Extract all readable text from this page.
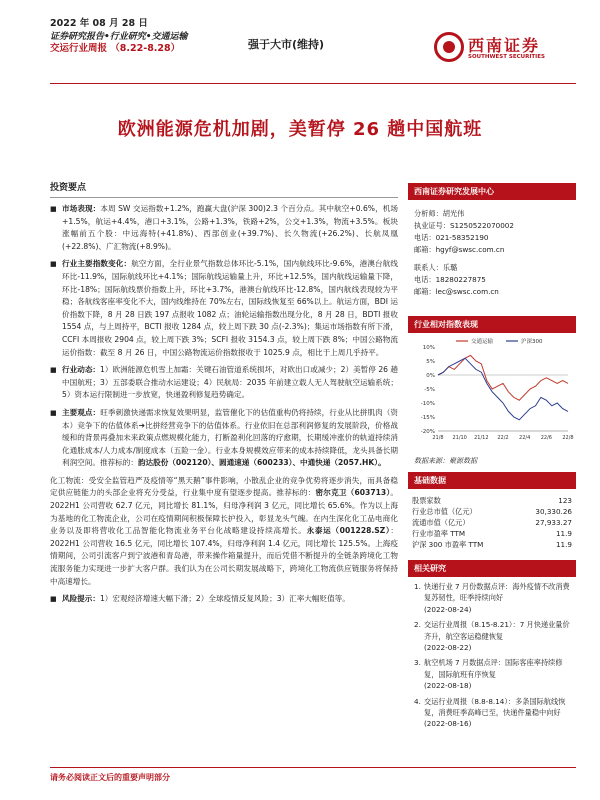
2022 年 08 月 28 日
证券研究报告•行业研究•交通运输
交运行业周报 （8.22-8.28）	强于大市(维持)	西南证券
SOUTHWEST SECURITIES
欧洲能源危机加剧，美暂停 26 趟中国航班
投资要点
■ 市场表现：本周 SW 交运指数+1.2%，跑赢大盘(沪深 300)2.3 个百分点。其中航空+0.6%，机场+1.5%，航运+4.4%，港口+3.1%，公路+1.3%，铁路+2%，公交+1.3%，物流+3.5%。板块涨幅前五个股：中远海特(+41.8%)、西部创业(+39.7%)、长久物流(+26.2%)、长航凤凰(+22.8%)、广汇物流(+8.9%)。
■ 行业主要指数变化：航空方面，全行业景气指数总体环比-5.1%，国内航线环比-9.6%，港澳台航线环比-11.9%，国际航线环比+4.1%；国际航线运输量上升，环比+12.5%，国内航线运输量下降，环比-18%；国际航线票价指数上升，环比+3.7%，港澳台航线环比-12.8%，国内航线表现较为平稳；各航线客座率变化不大，国内线维持在 70%左右，国际线恢复至 66%以上。航运方面，BDI 运价指数下降，8 月 28 日跌 197 点报收 1082 点；油轮运输指数出现分化，8 月 28 日，BDTI 报收 1554 点，与上周持平，BCTI 报收 1284 点，较上周下跌 30 点(-2.3%)；集运市场指数有所下滑，CCFI 本周报收 2904 点，较上周下跌 3%；SCFI 报收 3154.3 点，较上周下跌 8%；中国公路物流运价指数：截至 8 月 26 日，中国公路物流运价指数报收于 1025.9 点，相比于上周几乎持平。
■ 行业动态：1）欧洲能源危机雪上加霜：关键石油管道系统损坏，对欧出口或减少；2）美暂停 26 趟中国航班；3）五部委联合推动水运建设；4）民航局：2035 年前建立载人无人驾驶航空运输系统；5）资本运行限制进一步放宽，快递盈利修复趋势确定。
■ 主要观点：旺季刺激快递需求恢复效果明显，监管催化下的估值重构仍将持续，行业从比拼肌肉（资本）竞争下的估值体系➔比拼经营竞争下的估值体系。行业依旧在总部利润修复的发展阶段，价格战缓和的背景再叠加未来政策点燃规模化能力，打断盈利化回落的疗愈期，长期缓冲涨价的轨道持续消化通胀成本/人力成本/制度成本（五险一金）。行业本身规模效应带来的成本持续降低，龙头具备长期利润空间。推荐标的：韵达股份（002120）、圆通速递（600233）、中通快递（2057.HK）。
化工物流：受安全监管趋严及疫情等“黑天鹅”事件影响，小散乱企业的竞争优势将逐步消失，而具备稳定供应链能力的头部企业将充分受益，行业集中度有望逐步提高。推荐标的：密尔克卫（603713）。2022H1 公司营收 62.7 亿元，同比增长 81.1%，归母净利润 3 亿元，同比增长 65.6%。作为以上海为基地的化工物流企业，公司在疫情期间积极保障长护投入，彰显龙头气魄。在内生深化化工品电商化业务以及即将营收化工品智能化物流业务平台化战略建设持续高增长。永泰运（001228.SZ）：2022H1 公司营收 16.5 亿元，同比增长 107.4%，归母净利润 1.4 亿元，同比增长 125.5%。上海疫情期间，公司引流客户到宁波港和青岛港，带来操作箱量提升，而后凭借不断提升的全链条跨境化工物流服务能力实现进一步扩大客户群。我们认为在公司长期发展战略下，跨境化工物流供应链服务将保持中高速增长。
■ 风险提示：1）宏观经济增速大幅下滑；2）全球疫情反复风险；3）汇率大幅贬值等。
西南证券研究发展中心
分析师：胡光伟
执业证号：S1250522070002
电话：021-58352190
邮箱：hgyf@swsc.com.cn
联系人：乐璐
电话：18280227875
邮箱：lec@swsc.com.cn
行业相对指数表现
10%
5%
0%
-5%
-10%
-15%
-20%
21/8 21/10 21/12 22/2 22/4 22/6 22/8
交通运输	沪深300
数据来源：聚源数据
基础数据
股票家数	123
行业总市值（亿元）	30,330.26
流通市值（亿元）	27,933.27
行业市盈率 TTM	11.9
沪深 300 市盈率 TTM	11.9
相关研究
1. 快递行业 7 月份数据点评：海外疫情不改消费复苏韧性，旺季持续向好
(2022-08-24)
2. 交运行业周报（8.15-8.21）：7 月快递业量价齐升，航空客运稳健恢复
(2022-08-22)
3. 航空机场 7 月数据点评：国际客座率持续修复，国际航班有序恢复
(2022-08-18)
4. 交运行业周报（8.8-8.14）：多条国际航线恢复，消费旺季高峰已至，快递件量稳中向好
(2022-08-16)
请务必阅读正文后的重要声明部分
